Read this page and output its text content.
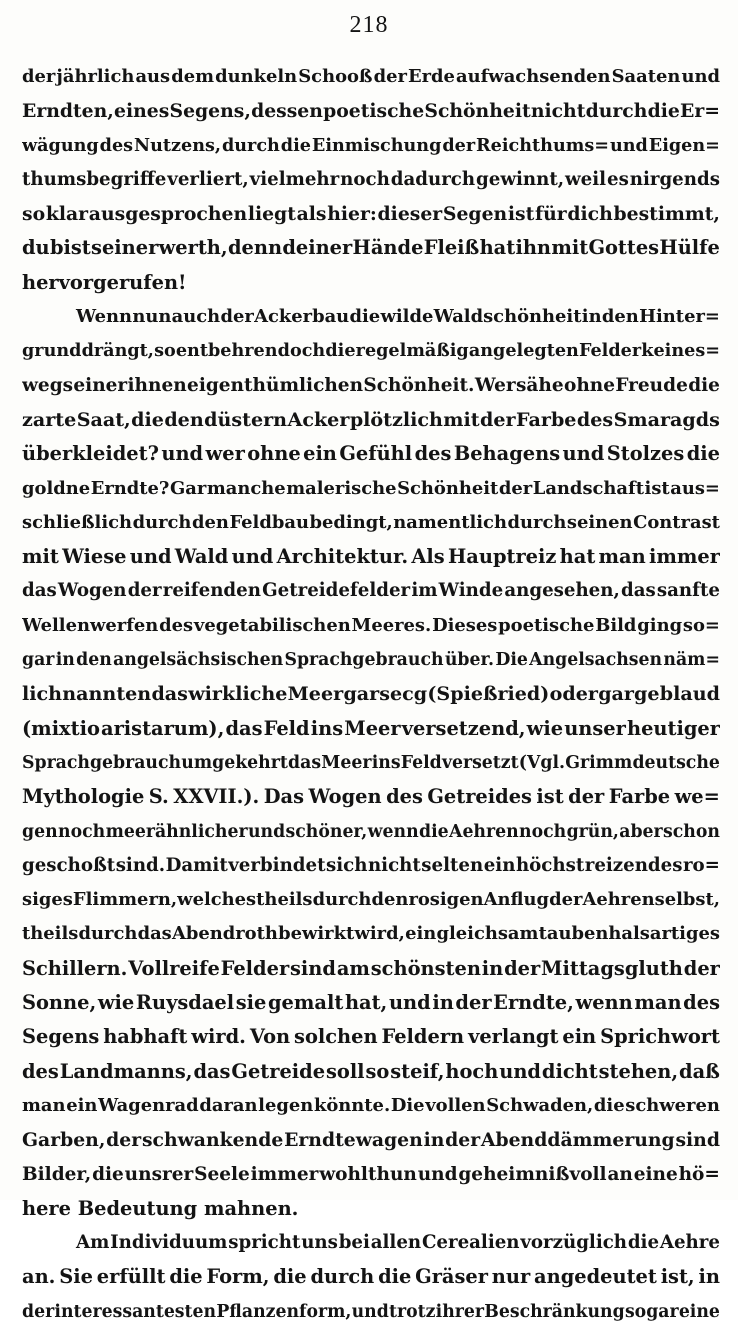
218
der jährlich aus dem dunkeln Schooß der Erde aufwachsenden Saaten und
Erndten, eines Segens, dessen poetische Schönheit nicht durch die Er=
wägung des Nutzens, durch die Einmischung der Reichthums= und Eigen=
thumsbegriffe verliert, vielmehr noch dadurch gewinnt, weil es nirgends
so klar ausgesprochen liegt als hier: dieser Segen ist für dich bestimmt,
du bist seiner werth, denn deiner Hände Fleiß hat ihn mit Gottes Hülfe
hervorgerufen!
Wenn nun auch der Ackerbau die wilde Waldschönheit in den Hinter=
grund drängt, so entbehren doch die regelmäßig angelegten Felder keines=
wegs einer ihnen eigenthümlichen Schönheit. Wer sähe ohne Freude die
zarte Saat, die den düstern Acker plötzlich mit der Farbe des Smaragds
überkleidet? und wer ohne ein Gefühl des Behagens und Stolzes die
goldne Erndte? Gar manche malerische Schönheit der Landschaft ist aus=
schließlich durch den Feldbau bedingt, namentlich durch seinen Contrast
mit Wiese und Wald und Architektur. Als Hauptreiz hat man immer
das Wogen der reifenden Getreidefelder im Winde angesehen, das sanfte
Wellenwerfen des vegetabilischen Meeres. Dieses poetische Bild ging so=
gar in den angelsächsischen Sprachgebrauch über. Die Angelsachsen näm=
lich nannten das wirkliche Meer garsecg (Spießried) oder garge blaud
(mixtio aristarum), das Feld ins Meer versetzend, wie unser heutiger
Sprachgebrauch umgekehrt das Meer ins Feld versetzt (Vgl. Grimm deutsche
Mythologie S. XXVII.). Das Wogen des Getreides ist der Farbe we=
gen noch meerähnlicher und schöner, wenn die Aehren noch grün, aber schon
geschoßt sind. Damit verbindet sich nicht selten ein höchst reizendes ro=
siges Flimmern, welches theils durch den rosigen Anflug der Aehren selbst,
theils durch das Abendroth bewirkt wird, ein gleichsam taubenhalsartiges
Schillern. Vollreife Felder sind am schönsten in der Mittagsgluth der
Sonne, wie Ruysdael sie gemalt hat, und in der Erndte, wenn man des
Segens habhaft wird. Von solchen Feldern verlangt ein Sprichwort
des Landmanns, das Getreide soll so steif, hoch und dicht stehen, daß
man ein Wagenrad daran legen könnte. Die vollen Schwaden, die schweren
Garben, der schwankende Erndtewagen in der Abenddämmerung sind
Bilder, die unsrer Seele immer wohlthun und geheimnißvoll an eine hö=
here
Bedeutung
mahnen.
Am Individuum spricht uns bei allen Cerealien vorzüglich die Aehre
an. Sie erfüllt die Form, die durch die Gräser nur angedeutet ist, in
der interessantesten Pflanzenform, und trotz ihrer Beschränkung sogar eine
